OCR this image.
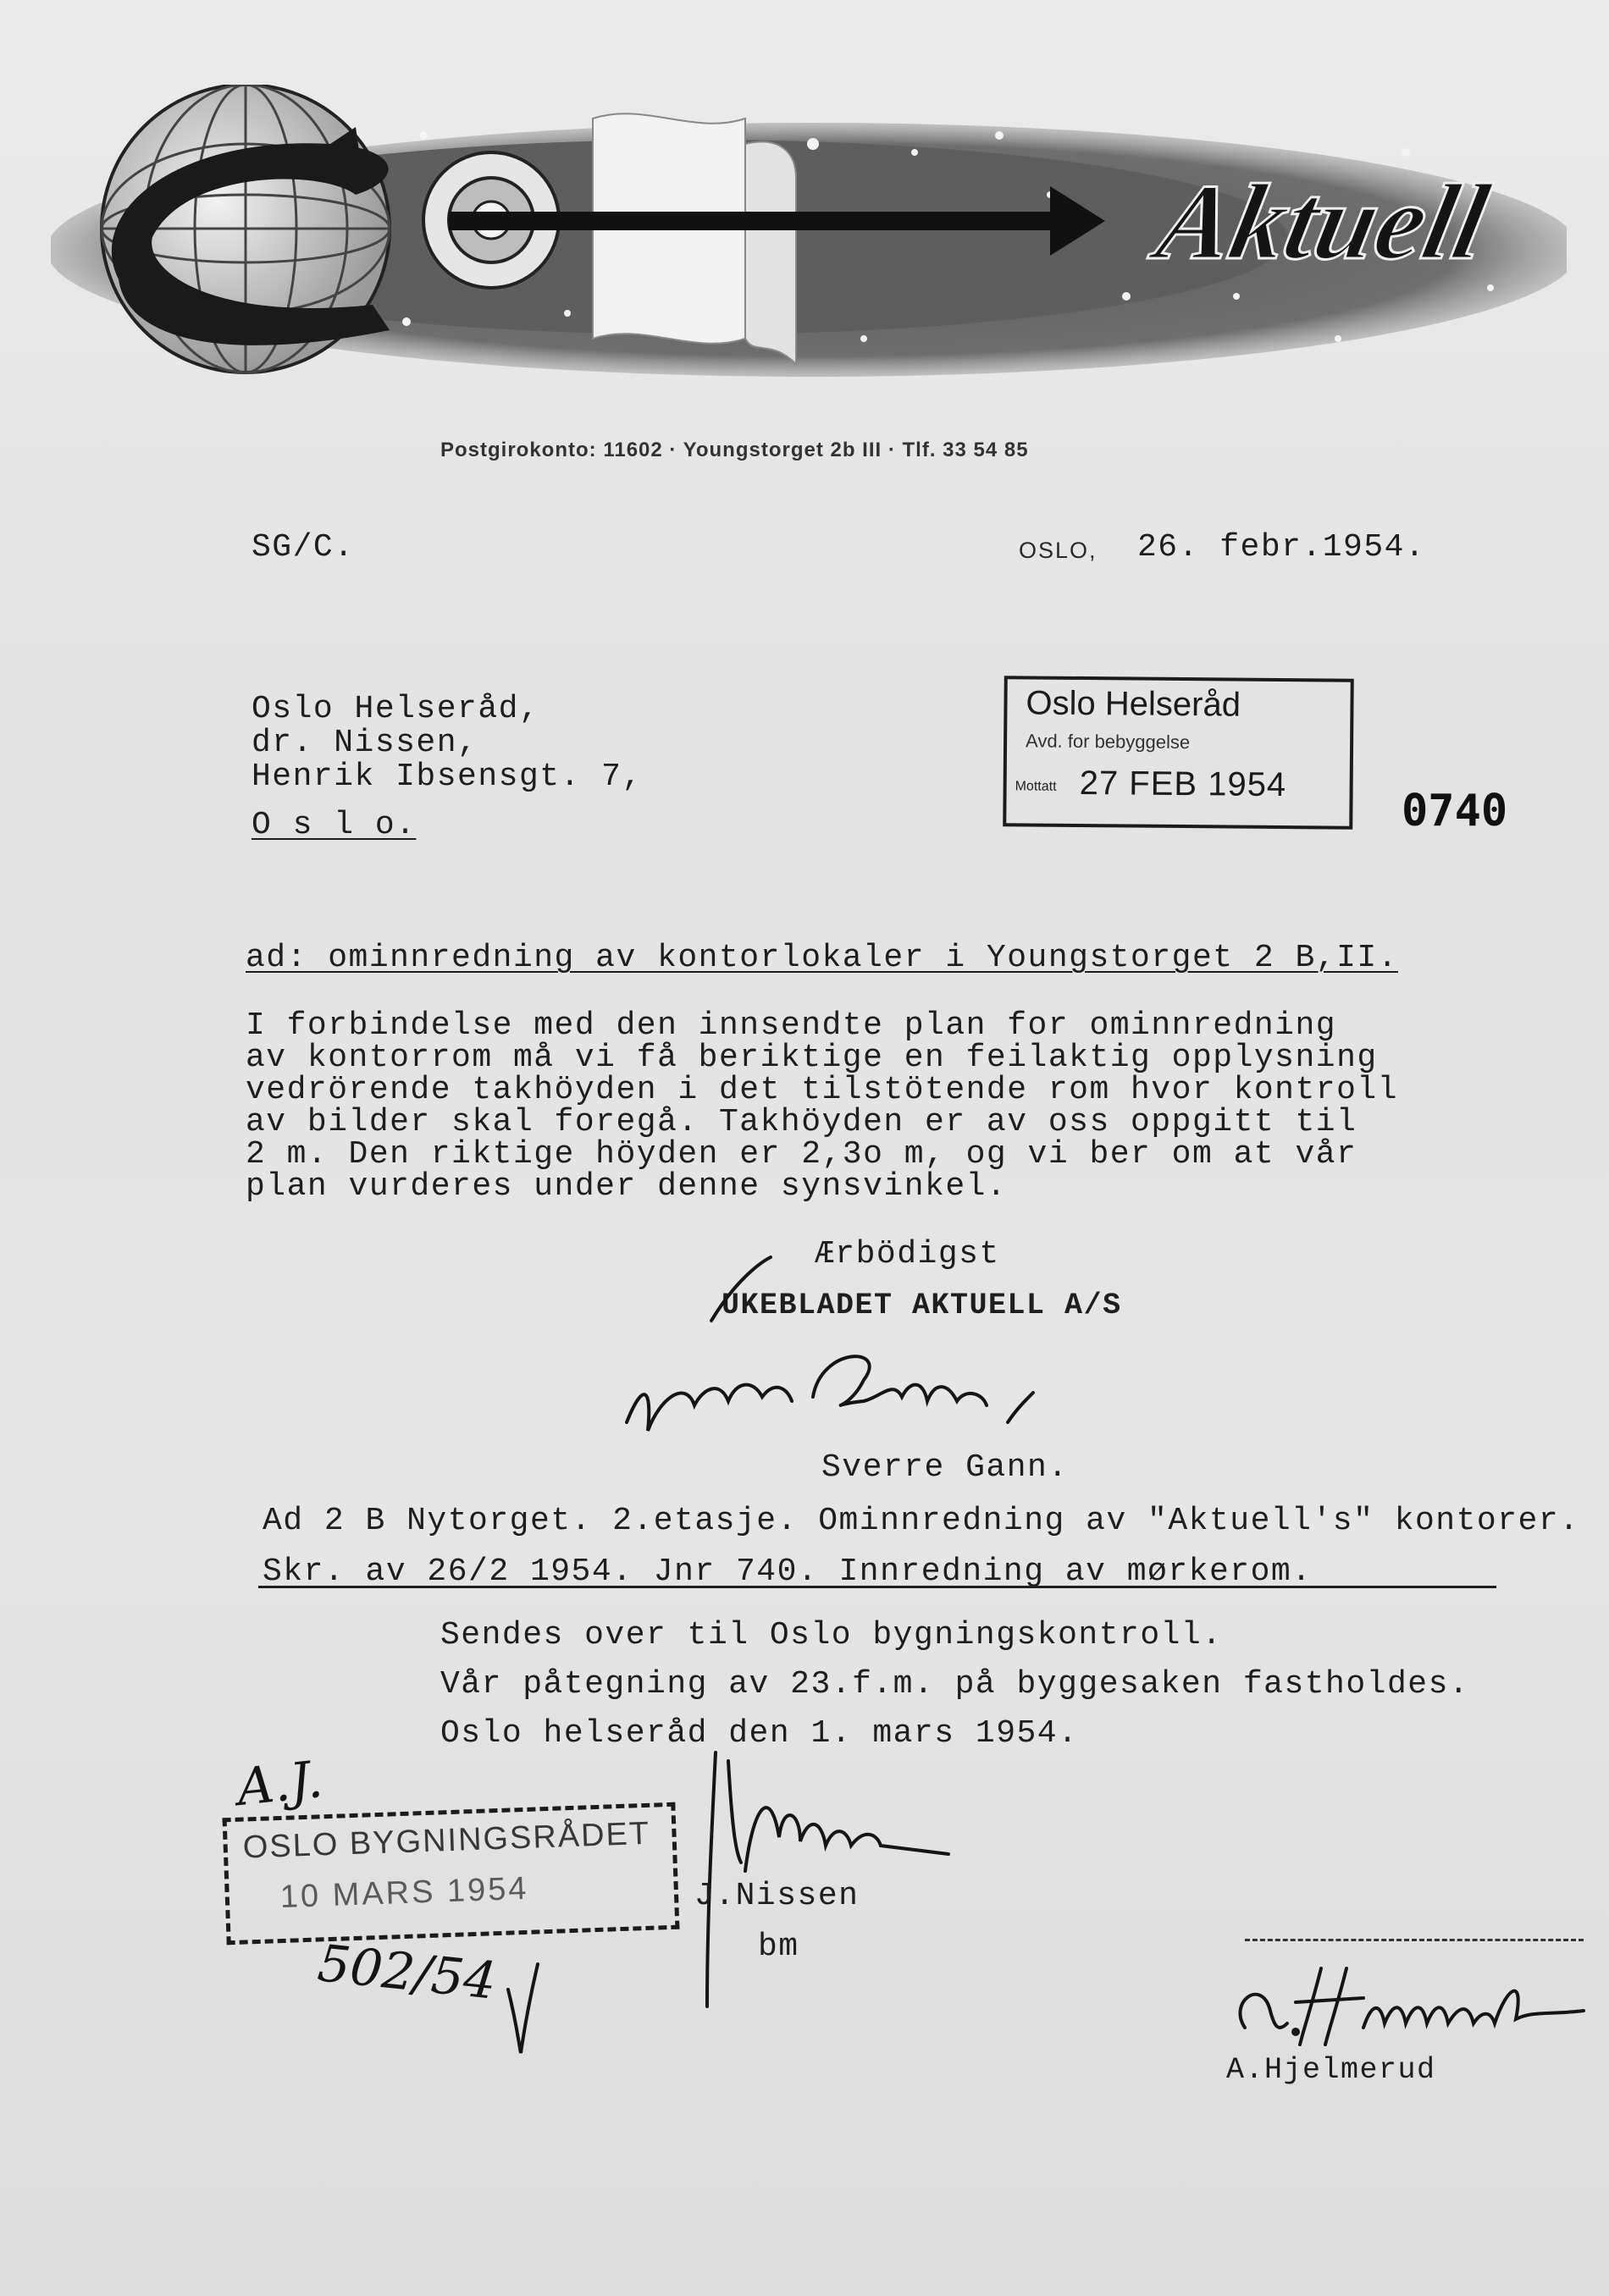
Aktuell
Postgirokonto: 11602 · Youngstorget 2b III · Tlf. 33 54 85
SG/C.	OSLO, 26. febr.1954.
Oslo Helseråd,
dr. Nissen,
Henrik Ibsensgt. 7,
O s l o.
Oslo Helseråd
Avd. for bebyggelse
Mottatt 27 FEB 1954
0740
ad: ominnredning av kontorlokaler i Youngstorget 2 B,II.
I forbindelse med den innsendte plan for ominnredning
av kontorrom må vi få beriktige en feilaktig opplysning
vedrörende takhöyden i det tilstötende rom hvor kontroll
av bilder skal foregå. Takhöyden er av oss oppgitt til
2 m. Den riktige höyden er 2,3o m, og vi ber om at vår
plan vurderes under denne synsvinkel.
Ærbödigst
UKEBLADET AKTUELL A/S
Sverre Gann.
Ad 2 B Nytorget. 2.etasje. Ominnredning av "Aktuell's" kontorer.
Skr. av 26/2 1954. Jnr 740. Innredning av mørkerom.
Sendes over til Oslo bygningskontroll.
Vår påtegning av 23.f.m. på byggesaken fastholdes.
Oslo helseråd den 1. mars 1954.
A.J.
OSLO BYGNINGSRÅDET
10 MARS 1954	J.Nissen
bm
502/54
A.Hjelmerud
